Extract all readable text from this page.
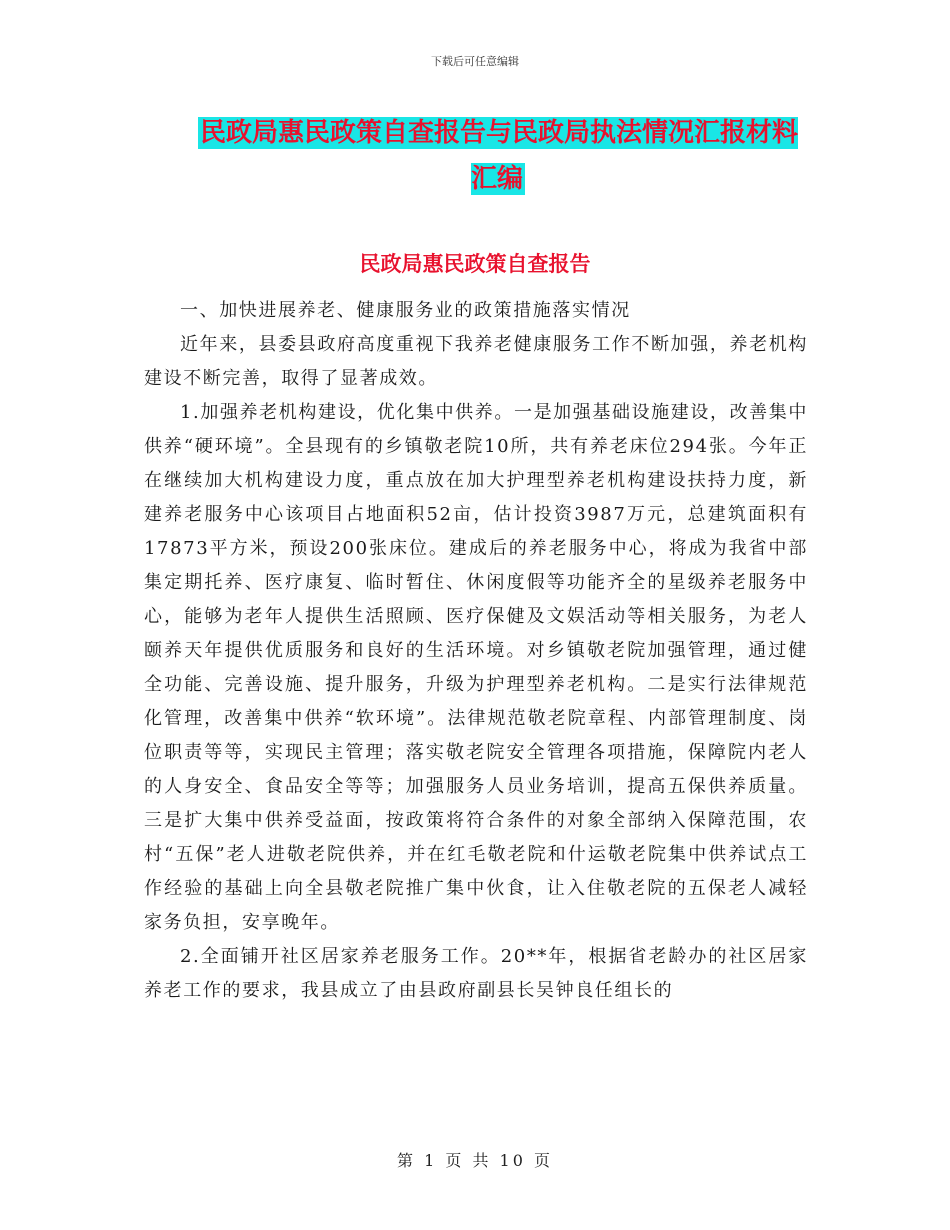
下载后可任意编辑
民政局惠民政策自查报告与民政局执法情况汇报材料汇编
民政局惠民政策自查报告

一、加快进展养老、健康服务业的政策措施落实情况

近年来，县委县政府高度重视下我养老健康服务工作不断加强，养老机构建设不断完善，取得了显著成效。

1.加强养老机构建设，优化集中供养。一是加强基础设施建设，改善集中供养“硬环境”。全县现有的乡镇敬老院10所，共有养老床位294张。今年正在继续加大机构建设力度，重点放在加大护理型养老机构建设扶持力度，新建养老服务中心该项目占地面积52亩，估计投资3987万元，总建筑面积有17873平方米，预设200张床位。建成后的养老服务中心，将成为我省中部集定期托养、医疗康复、临时暂住、休闲度假等功能齐全的星级养老服务中心，能够为老年人提供生活照顾、医疗保健及文娱活动等相关服务，为老人颐养天年提供优质服务和良好的生活环境。对乡镇敬老院加强管理，通过健全功能、完善设施、提升服务，升级为护理型养老机构。二是实行法律规范化管理，改善集中供养“软环境”。法律规范敬老院章程、内部管理制度、岗位职责等等，实现民主管理；落实敬老院安全管理各项措施，保障院内老人的人身安全、食品安全等等；加强服务人员业务培训，提高五保供养质量。三是扩大集中供养受益面，按政策将符合条件的对象全部纳入保障范围，农村“五保”老人进敬老院供养，并在红毛敬老院和什运敬老院集中供养试点工作经验的基础上向全县敬老院推广集中伙食，让入住敬老院的五保老人减轻家务负担，安享晚年。

2.全面铺开社区居家养老服务工作。20**年，根据省老龄办的社区居家养老工作的要求，我县成立了由县政府副县长吴钟良任组长的

第 1 页 共 10 页
